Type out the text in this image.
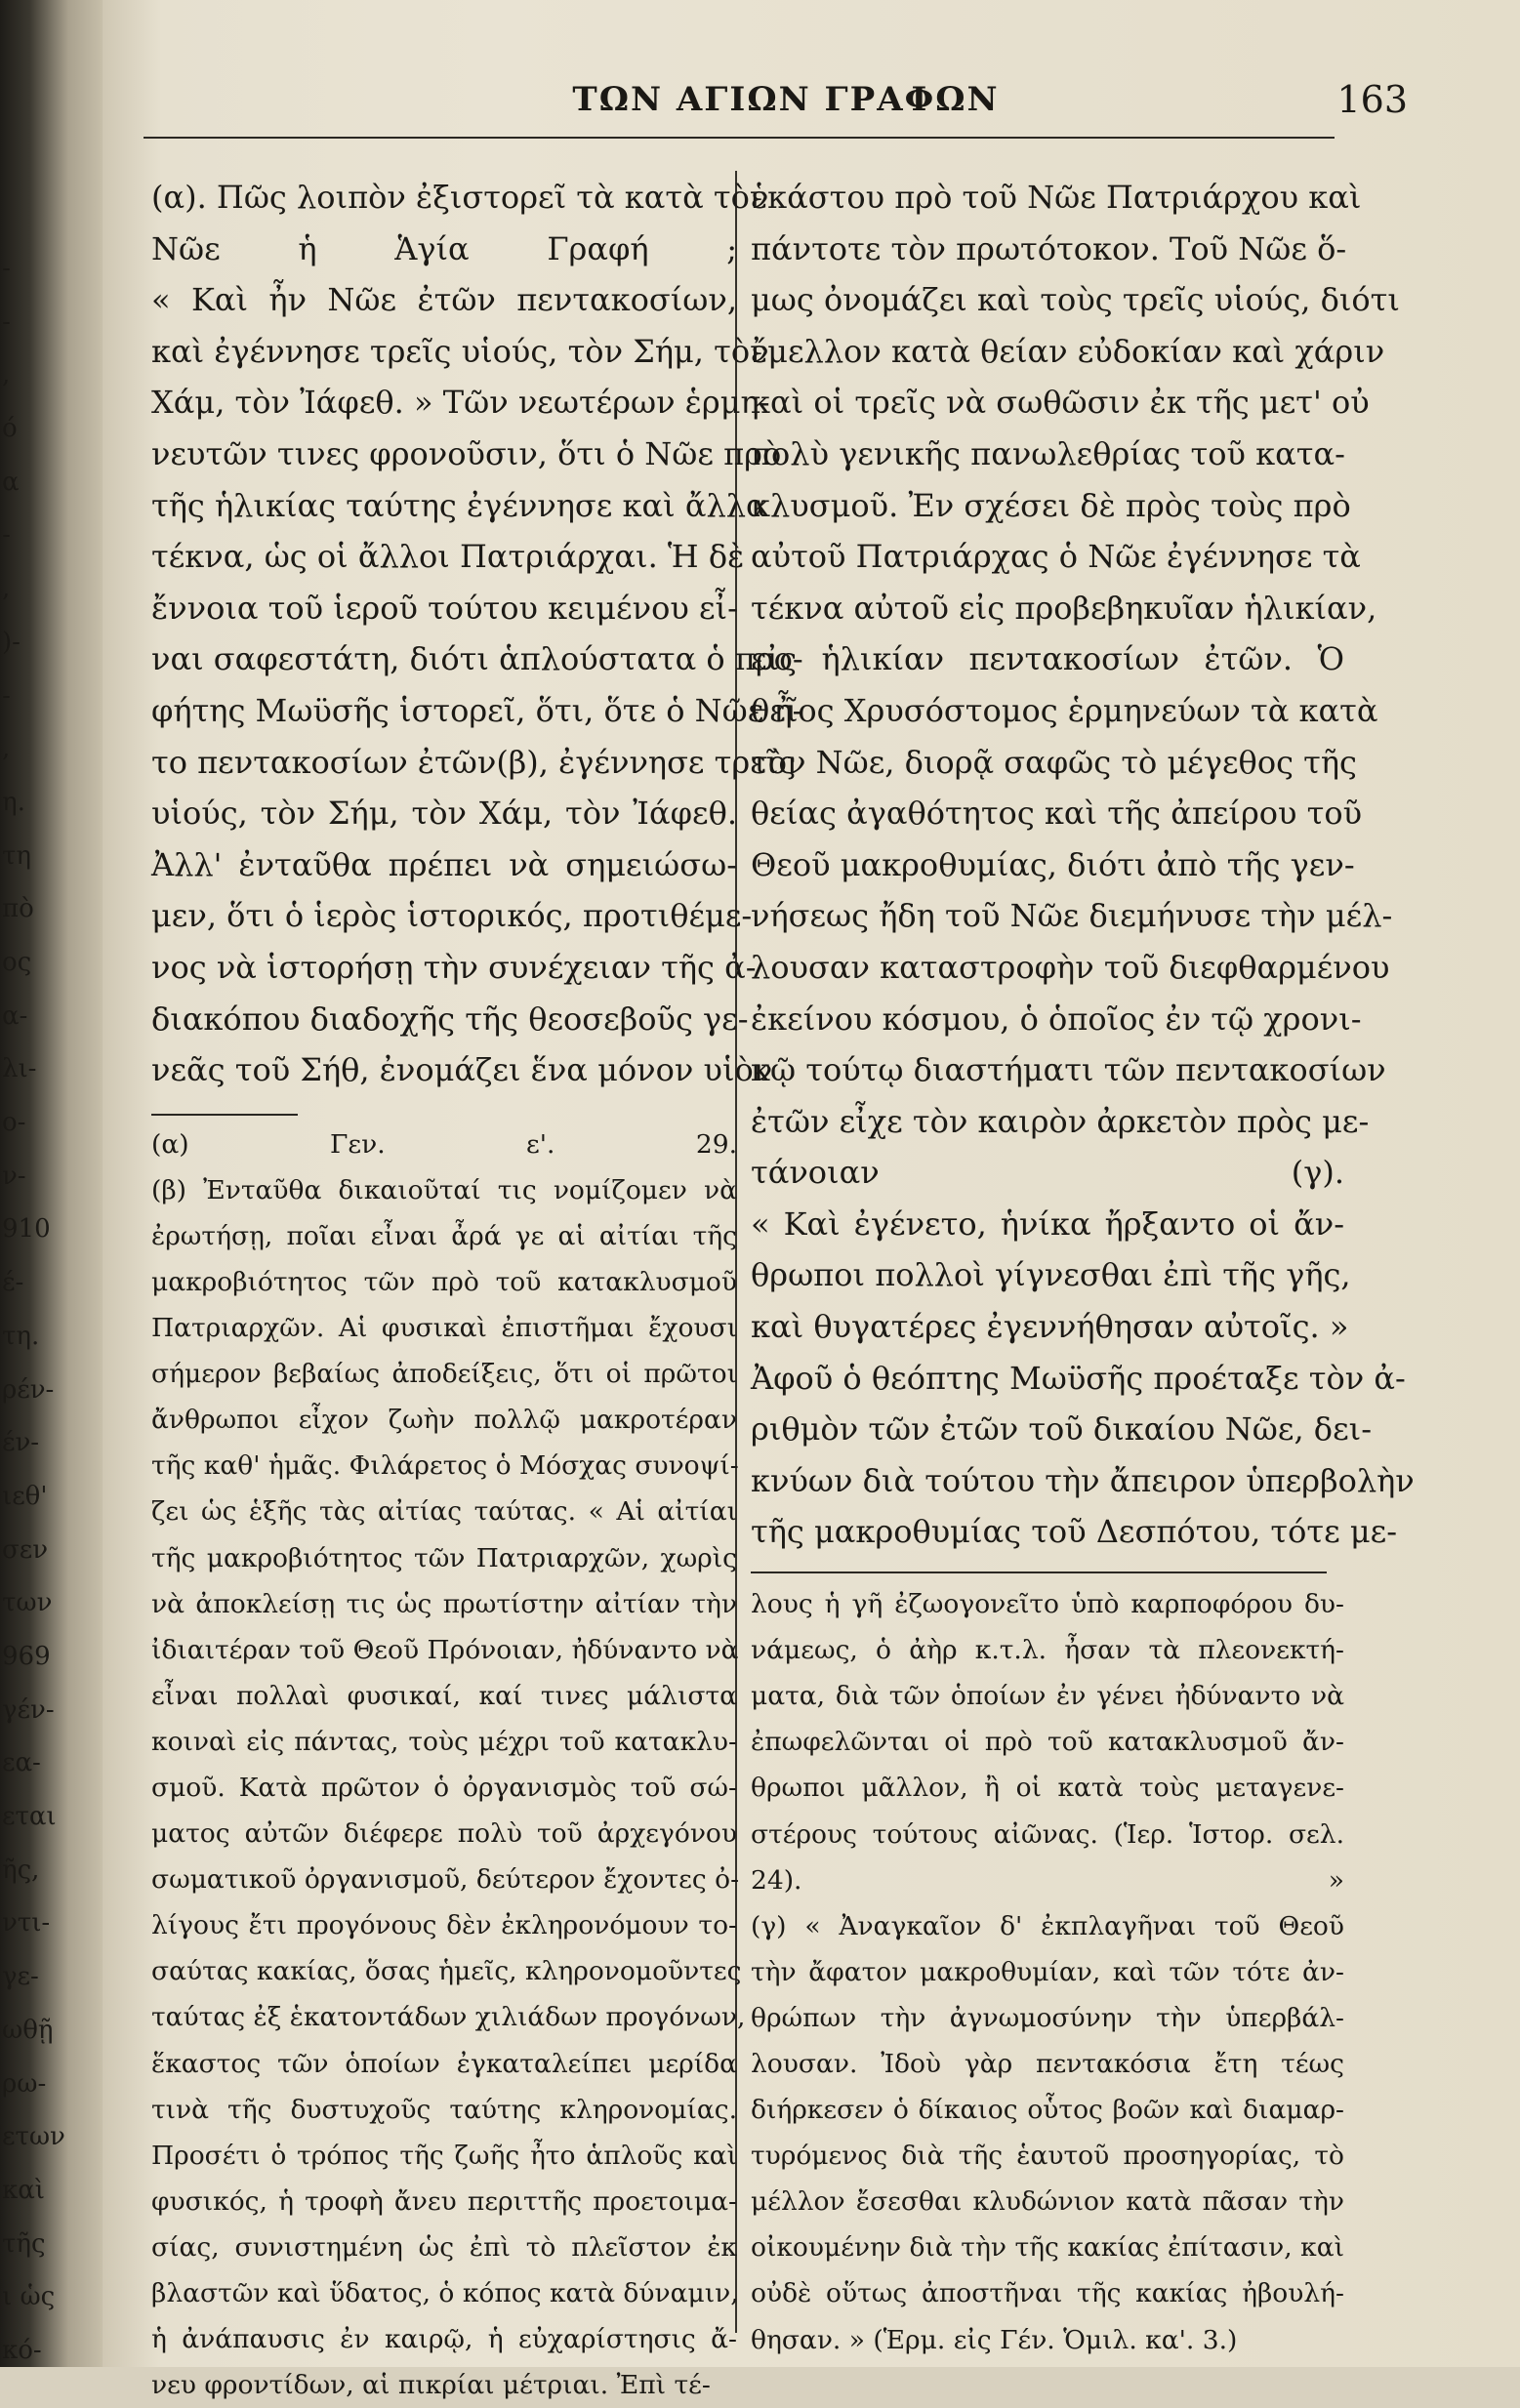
-
-
,
ό
α
-
,
)-
-
,
η.
τη
πὸ
ος
α-
λι-
ο-
ν-
910
έ-
τη.
ρέν-
έν-
ιεθ'
σεν
των
969
γέν-
εα-
εται
ῆς,
ντι-
γε-
ωθῇ
ρω-
ετων
καὶ
τῆς
ι ὡς
κό-
ΤΩΝ ΑΓΙΩΝ ΓΡΑΦΩΝ	163
(α). Πῶς λοιπὸν ἐξιστορεῖ τὰ κατὰ τὸν
Νῶε ἡ Ἁγία Γραφή ;
« Καὶ ἦν Νῶε ἐτῶν πεντακοσίων,
καὶ ἐγέννησε τρεῖς υἱούς, τὸν Σήμ, τὸν
Χάμ, τὸν Ἰάφεθ. » Τῶν νεωτέρων ἑρμη-
νευτῶν τινες φρονοῦσιν, ὅτι ὁ Νῶε πρὸ
τῆς ἡλικίας ταύτης ἐγέννησε καὶ ἄλλα
τέκνα, ὡς οἱ ἄλλοι Πατριάρχαι. Ἡ δὲ
ἔννοια τοῦ ἱεροῦ τούτου κειμένου εἶ-
ναι σαφεστάτη, διότι ἁπλούστατα ὁ προ-
φήτης Μωϋσῆς ἱστορεῖ, ὅτι, ὅτε ὁ Νῶε ἦ-
το πεντακοσίων ἐτῶν(β), ἐγέννησε τρεῖς
υἱούς, τὸν Σήμ, τὸν Χάμ, τὸν Ἰάφεθ.
Ἀλλ' ἐνταῦθα πρέπει νὰ σημειώσω-
μεν, ὅτι ὁ ἱερὸς ἱστορικός, προτιθέμε-
νος νὰ ἱστορήσῃ τὴν συνέχειαν τῆς ἀ-
διακόπου διαδοχῆς τῆς θεοσεβοῦς γε-
νεᾶς τοῦ Σήθ, ἐνομάζει ἕνα μόνον υἱὸν
(α) Γεν. ε'. 29.
(β) Ἐνταῦθα δικαιοῦταί τις νομίζομεν νὰ
ἐρωτήσῃ, ποῖαι εἶναι ἆρά γε αἱ αἰτίαι τῆς
μακροβιότητος τῶν πρὸ τοῦ κατακλυσμοῦ
Πατριαρχῶν. Αἱ φυσικαὶ ἐπιστῆμαι ἔχουσι
σήμερον βεβαίως ἀποδείξεις, ὅτι οἱ πρῶτοι
ἄνθρωποι εἶχον ζωὴν πολλῷ μακροτέραν
τῆς καθ' ἡμᾶς. Φιλάρετος ὁ Μόσχας συνοψί-
ζει ὡς ἑξῆς τὰς αἰτίας ταύτας. « Αἱ αἰτίαι
τῆς μακροβιότητος τῶν Πατριαρχῶν, χωρὶς
νὰ ἀποκλείσῃ τις ὡς πρωτίστην αἰτίαν τὴν
ἰδιαιτέραν τοῦ Θεοῦ Πρόνοιαν, ἠδύναντο νὰ
εἶναι πολλαὶ φυσικαί, καί τινες μάλιστα
κοιναὶ εἰς πάντας, τοὺς μέχρι τοῦ κατακλυ-
σμοῦ. Κατὰ πρῶτον ὁ ὀργανισμὸς τοῦ σώ-
ματος αὐτῶν διέφερε πολὺ τοῦ ἀρχεγόνου
σωματικοῦ ὀργανισμοῦ, δεύτερον ἔχοντες ὀ-
λίγους ἔτι προγόνους δὲν ἐκληρονόμουν το-
σαύτας κακίας, ὅσας ἡμεῖς, κληρονομοῦντες
ταύτας ἐξ ἑκατοντάδων χιλιάδων προγόνων,
ἕκαστος τῶν ὁποίων ἐγκαταλείπει μερίδα
τινὰ τῆς δυστυχοῦς ταύτης κληρονομίας.
Προσέτι ὁ τρόπος τῆς ζωῆς ἦτο ἁπλοῦς καὶ
φυσικός, ἡ τροφὴ ἄνευ περιττῆς προετοιμα-
σίας, συνιστημένη ὡς ἐπὶ τὸ πλεῖστον ἐκ
βλαστῶν καὶ ὕδατος, ὁ κόπος κατὰ δύναμιν,
ἡ ἀνάπαυσις ἐν καιρῷ, ἡ εὐχαρίστησις ἄ-
νευ φροντίδων, αἱ πικρίαι μέτριαι. Ἐπὶ τέ-
ἑκάστου πρὸ τοῦ Νῶε Πατριάρχου καὶ
πάντοτε τὸν πρωτότοκον. Τοῦ Νῶε ὅ-
μως ὀνομάζει καὶ τοὺς τρεῖς υἱούς, διότι
ἔμελλον κατὰ θείαν εὐδοκίαν καὶ χάριν
καὶ οἱ τρεῖς νὰ σωθῶσιν ἐκ τῆς μετ' οὐ
πολὺ γενικῆς πανωλεθρίας τοῦ κατα-
κλυσμοῦ. Ἐν σχέσει δὲ πρὸς τοὺς πρὸ
αὐτοῦ Πατριάρχας ὁ Νῶε ἐγέννησε τὰ
τέκνα αὐτοῦ εἰς προβεβηκυῖαν ἡλικίαν,
εἰς ἡλικίαν πεντακοσίων ἐτῶν. Ὁ
θεῖος Χρυσόστομος ἑρμηνεύων τὰ κατὰ
τὸν Νῶε, διορᾷ σαφῶς τὸ μέγεθος τῆς
θείας ἀγαθότητος καὶ τῆς ἀπείρου τοῦ
Θεοῦ μακροθυμίας, διότι ἀπὸ τῆς γεν-
νήσεως ἤδη τοῦ Νῶε διεμήνυσε τὴν μέλ-
λουσαν καταστροφὴν τοῦ διεφθαρμένου
ἐκείνου κόσμου, ὁ ὁποῖος ἐν τῷ χρονι-
κῷ τούτῳ διαστήματι τῶν πεντακοσίων
ἐτῶν εἶχε τὸν καιρὸν ἀρκετὸν πρὸς με-
τάνοιαν (γ).
« Καὶ ἐγένετο, ἡνίκα ἤρξαντο οἱ ἄν-
θρωποι πολλοὶ γίγνεσθαι ἐπὶ τῆς γῆς,
καὶ θυγατέρες ἐγεννήθησαν αὐτοῖς. »
Ἀφοῦ ὁ θεόπτης Μωϋσῆς προέταξε τὸν ἀ-
ριθμὸν τῶν ἐτῶν τοῦ δικαίου Νῶε, δει-
κνύων διὰ τούτου τὴν ἄπειρον ὑπερβολὴν
τῆς μακροθυμίας τοῦ Δεσπότου, τότε με-
λους ἡ γῆ ἐζωογονεῖτο ὑπὸ καρποφόρου δυ-
νάμεως, ὁ ἀὴρ κ.τ.λ. ἦσαν τὰ πλεονεκτή-
ματα, διὰ τῶν ὁποίων ἐν γένει ἠδύναντο νὰ
ἐπωφελῶνται οἱ πρὸ τοῦ κατακλυσμοῦ ἄν-
θρωποι μᾶλλον, ἢ οἱ κατὰ τοὺς μεταγενε-
στέρους τούτους αἰῶνας. (Ἱερ. Ἱστορ. σελ.
24). »
(γ) « Ἀναγκαῖον δ' ἐκπλαγῆναι τοῦ Θεοῦ
τὴν ἄφατον μακροθυμίαν, καὶ τῶν τότε ἀν-
θρώπων τὴν ἀγνωμοσύνην τὴν ὑπερβάλ-
λουσαν. Ἰδοὺ γὰρ πεντακόσια ἔτη τέως
διήρκεσεν ὁ δίκαιος οὗτος βοῶν καὶ διαμαρ-
τυρόμενος διὰ τῆς ἑαυτοῦ προσηγορίας, τὸ
μέλλον ἔσεσθαι κλυδώνιον κατὰ πᾶσαν τὴν
οἰκουμένην διὰ τὴν τῆς κακίας ἐπίτασιν, καὶ
οὐδὲ οὕτως ἀποστῆναι τῆς κακίας ἠβουλή-
θησαν. » (Ἑρμ. εἰς Γέν. Ὁμιλ. κα'. 3.)
